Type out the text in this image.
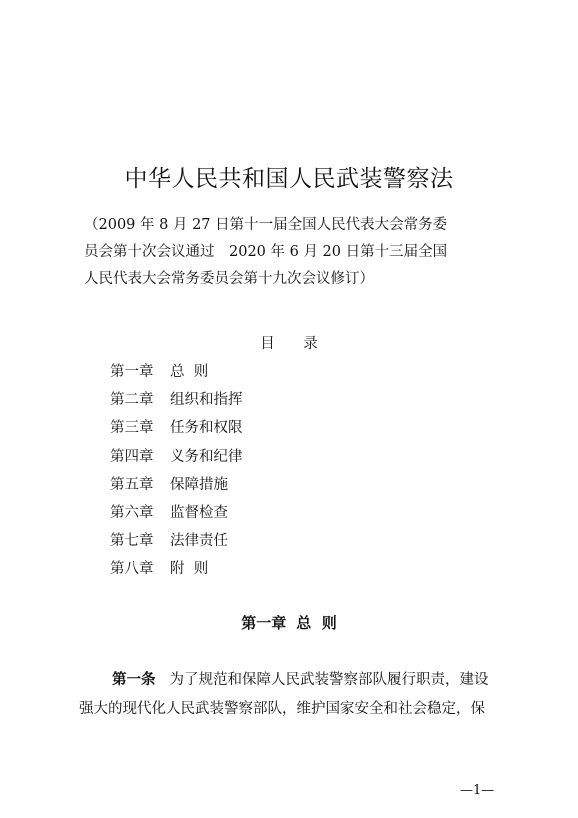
中华人民共和国人民武装警察法

（2009 年 8 月 27 日第十一届全国人民代表大会常务委

员会第十次会议通过　2020 年 6 月 20 日第十三届全国

人民代表大会常务委员会第十九次会议修订）

目 录
第一章 总  则
第二章 组织和指挥
第三章 任务和权限
第四章 义务和纪律
第五章 保障措施
第六章 监督检查
第七章 法律责任
第八章 附  则
第一章 总  则

第一条 为了规范和保障人民武装警察部队履行职责，建设

强大的现代化人民武装警察部队，维护国家安全和社会稳定，保

—1—
